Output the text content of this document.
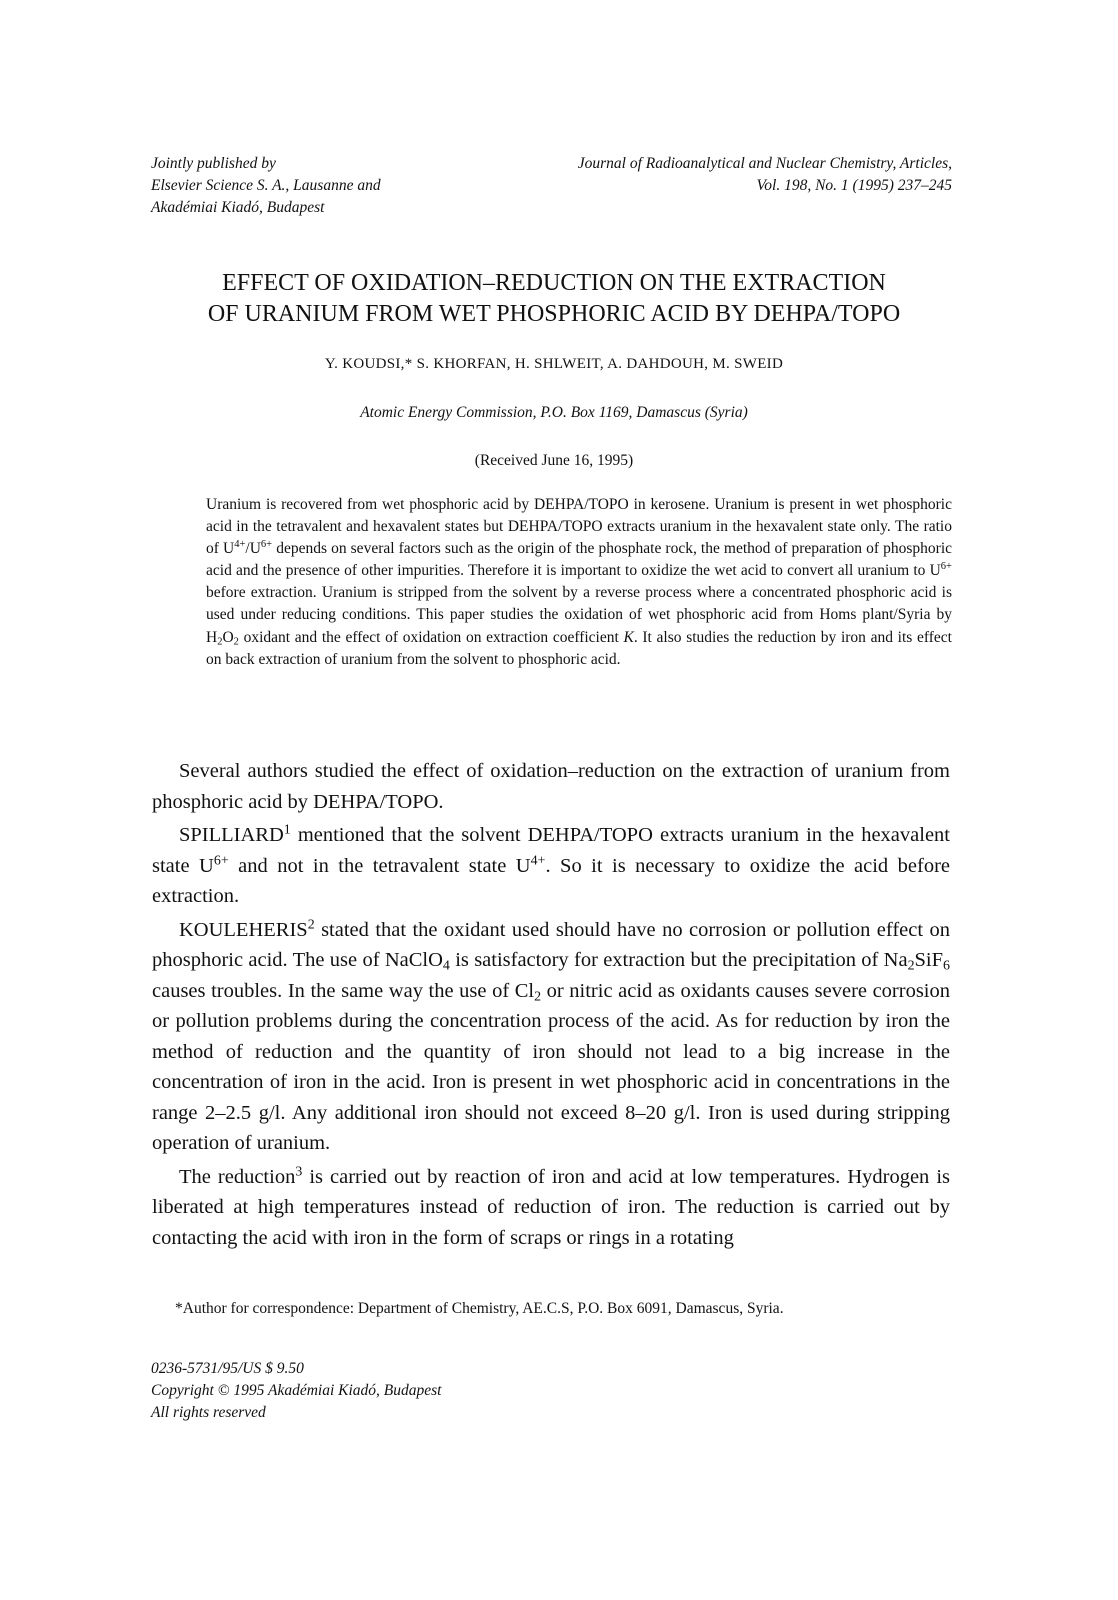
Jointly published by
Elsevier Science S. A., Lausanne and
Akadémiai Kiadó, Budapest
Journal of Radioanalytical and Nuclear Chemistry, Articles,
Vol. 198, No. 1 (1995) 237–245
EFFECT OF OXIDATION–REDUCTION ON THE EXTRACTION
OF URANIUM FROM WET PHOSPHORIC ACID BY DEHPA/TOPO
Y. KOUDSI,* S. KHORFAN, H. SHLWEIT, A. DAHDOUH, M. SWEID
Atomic Energy Commission, P.O. Box 1169, Damascus (Syria)
(Received June 16, 1995)
Uranium is recovered from wet phosphoric acid by DEHPA/TOPO in kerosene. Uranium is present in wet phosphoric acid in the tetravalent and hexavalent states but DEHPA/TOPO extracts uranium in the hexavalent state only. The ratio of $U^{4+}/U^{6+}$ depends on several factors such as the origin of the phosphate rock, the method of preparation of phosphoric acid and the presence of other impurities. Therefore it is important to oxidize the wet acid to convert all uranium to $U^{6+}$ before extraction. Uranium is stripped from the solvent by a reverse process where a concentrated phosphoric acid is used under reducing conditions. This paper studies the oxidation of wet phosphoric acid from Homs plant/Syria by $H_2O_2$ oxidant and the effect of oxidation on extraction coefficient K. It also studies the reduction by iron and its effect on back extraction of uranium from the solvent to phosphoric acid.

Several authors studied the effect of oxidation–reduction on the extraction of uranium from phosphoric acid by DEHPA/TOPO.

SPILLIARD$^1$ mentioned that the solvent DEHPA/TOPO extracts uranium in the hexavalent state $U^{6+}$ and not in the tetravalent state $U^{4+}$. So it is necessary to oxidize the acid before extraction.

KOULEHERIS$^2$ stated that the oxidant used should have no corrosion or pollution effect on phosphoric acid. The use of NaClO$_4$ is satisfactory for extraction but the precipitation of $Na_2SiF_6$ causes troubles. In the same way the use of $Cl_2$ or nitric acid as oxidants causes severe corrosion or pollution problems during the concentration process of the acid. As for reduction by iron the method of reduction and the quantity of iron should not lead to a big increase in the concentration of iron in the acid. Iron is present in wet phosphoric acid in concentrations in the range 2–2.5 g/l. Any additional iron should not exceed 8–20 g/l. Iron is used during stripping operation of uranium.

The reduction$^3$ is carried out by reaction of iron and acid at low temperatures. Hydrogen is liberated at high temperatures instead of reduction of iron. The reduction is carried out by contacting the acid with iron in the form of scraps or rings in a rotating

*Author for correspondence: Department of Chemistry, AE.C.S, P.O. Box 6091, Damascus, Syria.
0236-5731/95/US $ 9.50
Copyright © 1995 Akadémiai Kiadó, Budapest
All rights reserved
